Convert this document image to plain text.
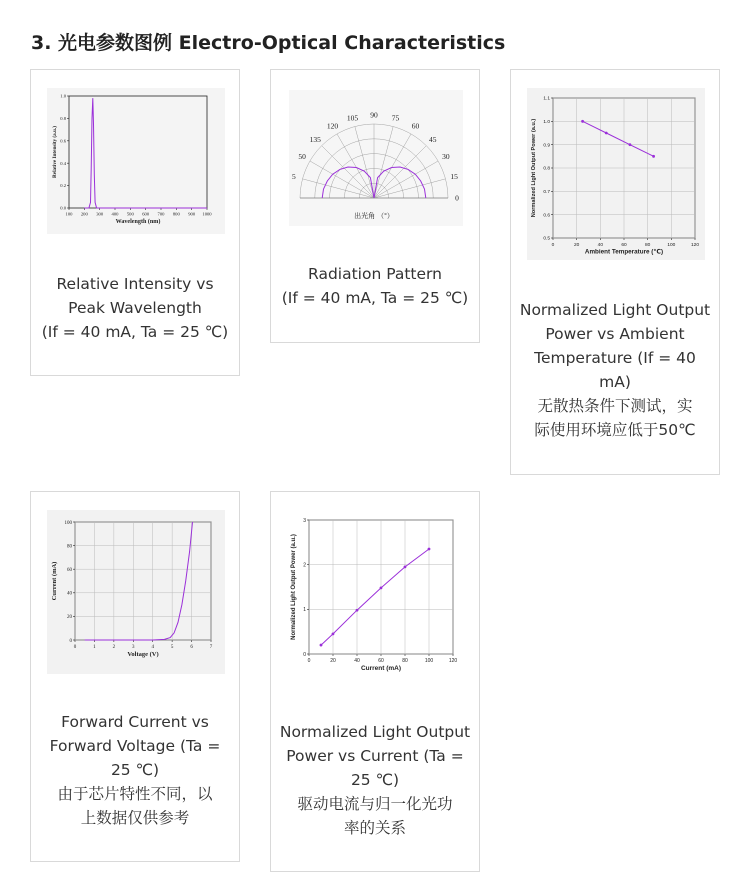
3. 光电参数图例 Electro-Optical Characteristics
100 200 300 400 500 600 700 800 900 1000
0.0
0.2
0.4
0.6
0.8
1.0
Wavelength (nm)
Relative Intensity (a.u.)
Relative Intensity vs
Peak Wavelength
(If = 40 mA, Ta = 25 ℃)
0
15
30
45
60
75
90
105
120
135
50
5
出光角 （°）
Radiation Pattern
(If = 40 mA, Ta = 25 ℃)
0	20	40	60	80	100	120
0.5
0.6
0.7
0.8
0.9
1.0
1.1
Ambient Temperature (℃)
Normalized Light Output Power (a.u.)
Normalized Light Output
Power vs Ambient
Temperature (If = 40
mA)
无散热条件下测试，实
际使用环境应低于50℃
0	1	2	3	4	5	6	7
0
20
40
60
80
100
Voltage (V)
Current (mA)
Forward Current vs
Forward Voltage (Ta =
25 ℃)
由于芯片特性不同，以
上数据仅供参考
0	20	40	60	80	100	120
0
1
2
3
Current (mA)
Normalized Light Output Power (a.u.)
Normalized Light Output
Power vs Current (Ta =
25 ℃)
驱动电流与归一化光功
率的关系
